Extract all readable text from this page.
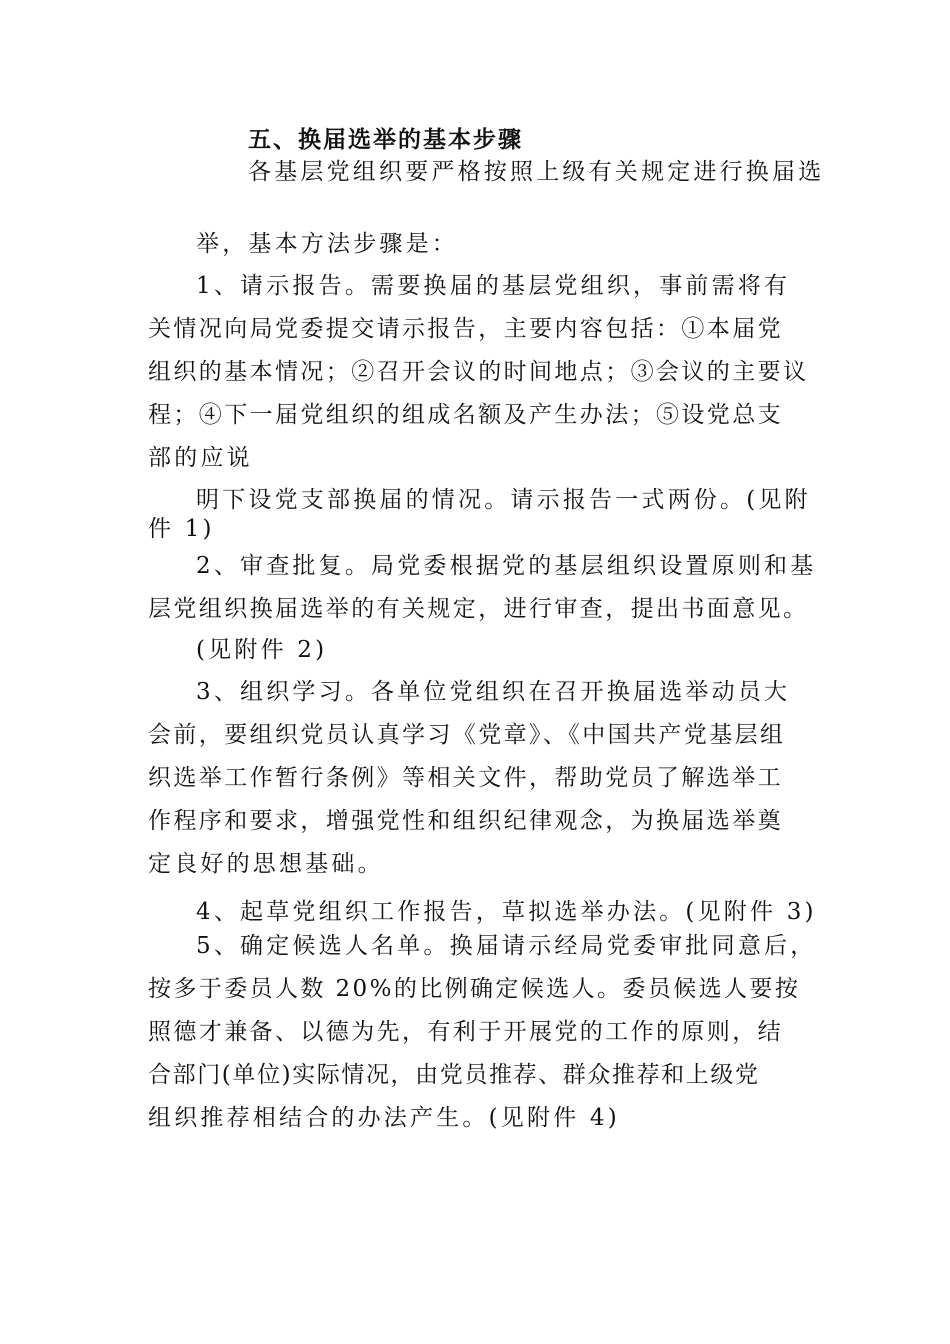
五、换届选举的基本步骤
各基层党组织要严格按照上级有关规定进行换届选
举，基本方法步骤是：
1、请示报告。需要换届的基层党组织，事前需将有
关情况向局党委提交请示报告，主要内容包括：①本届党
组织的基本情况；②召开会议的时间地点；③会议的主要议
程；④下一届党组织的组成名额及产生办法；⑤设党总支
部的应说
明下设党支部换届的情况。请示报告一式两份。(见附
件 1)
2、审查批复。局党委根据党的基层组织设置原则和基
层党组织换届选举的有关规定，进行审查，提出书面意见。
(见附件 2)
3、组织学习。各单位党组织在召开换届选举动员大
会前，要组织党员认真学习《党章》、《中国共产党基层组
织选举工作暂行条例》等相关文件，帮助党员了解选举工
作程序和要求，增强党性和组织纪律观念，为换届选举奠
定良好的思想基础。
4、起草党组织工作报告，草拟选举办法。(见附件 3)
5、确定候选人名单。换届请示经局党委审批同意后，
按多于委员人数 20%的比例确定候选人。委员候选人要按
照德才兼备、以德为先，有利于开展党的工作的原则，结
合部门(单位)实际情况，由党员推荐、群众推荐和上级党
组织推荐相结合的办法产生。(见附件 4)
